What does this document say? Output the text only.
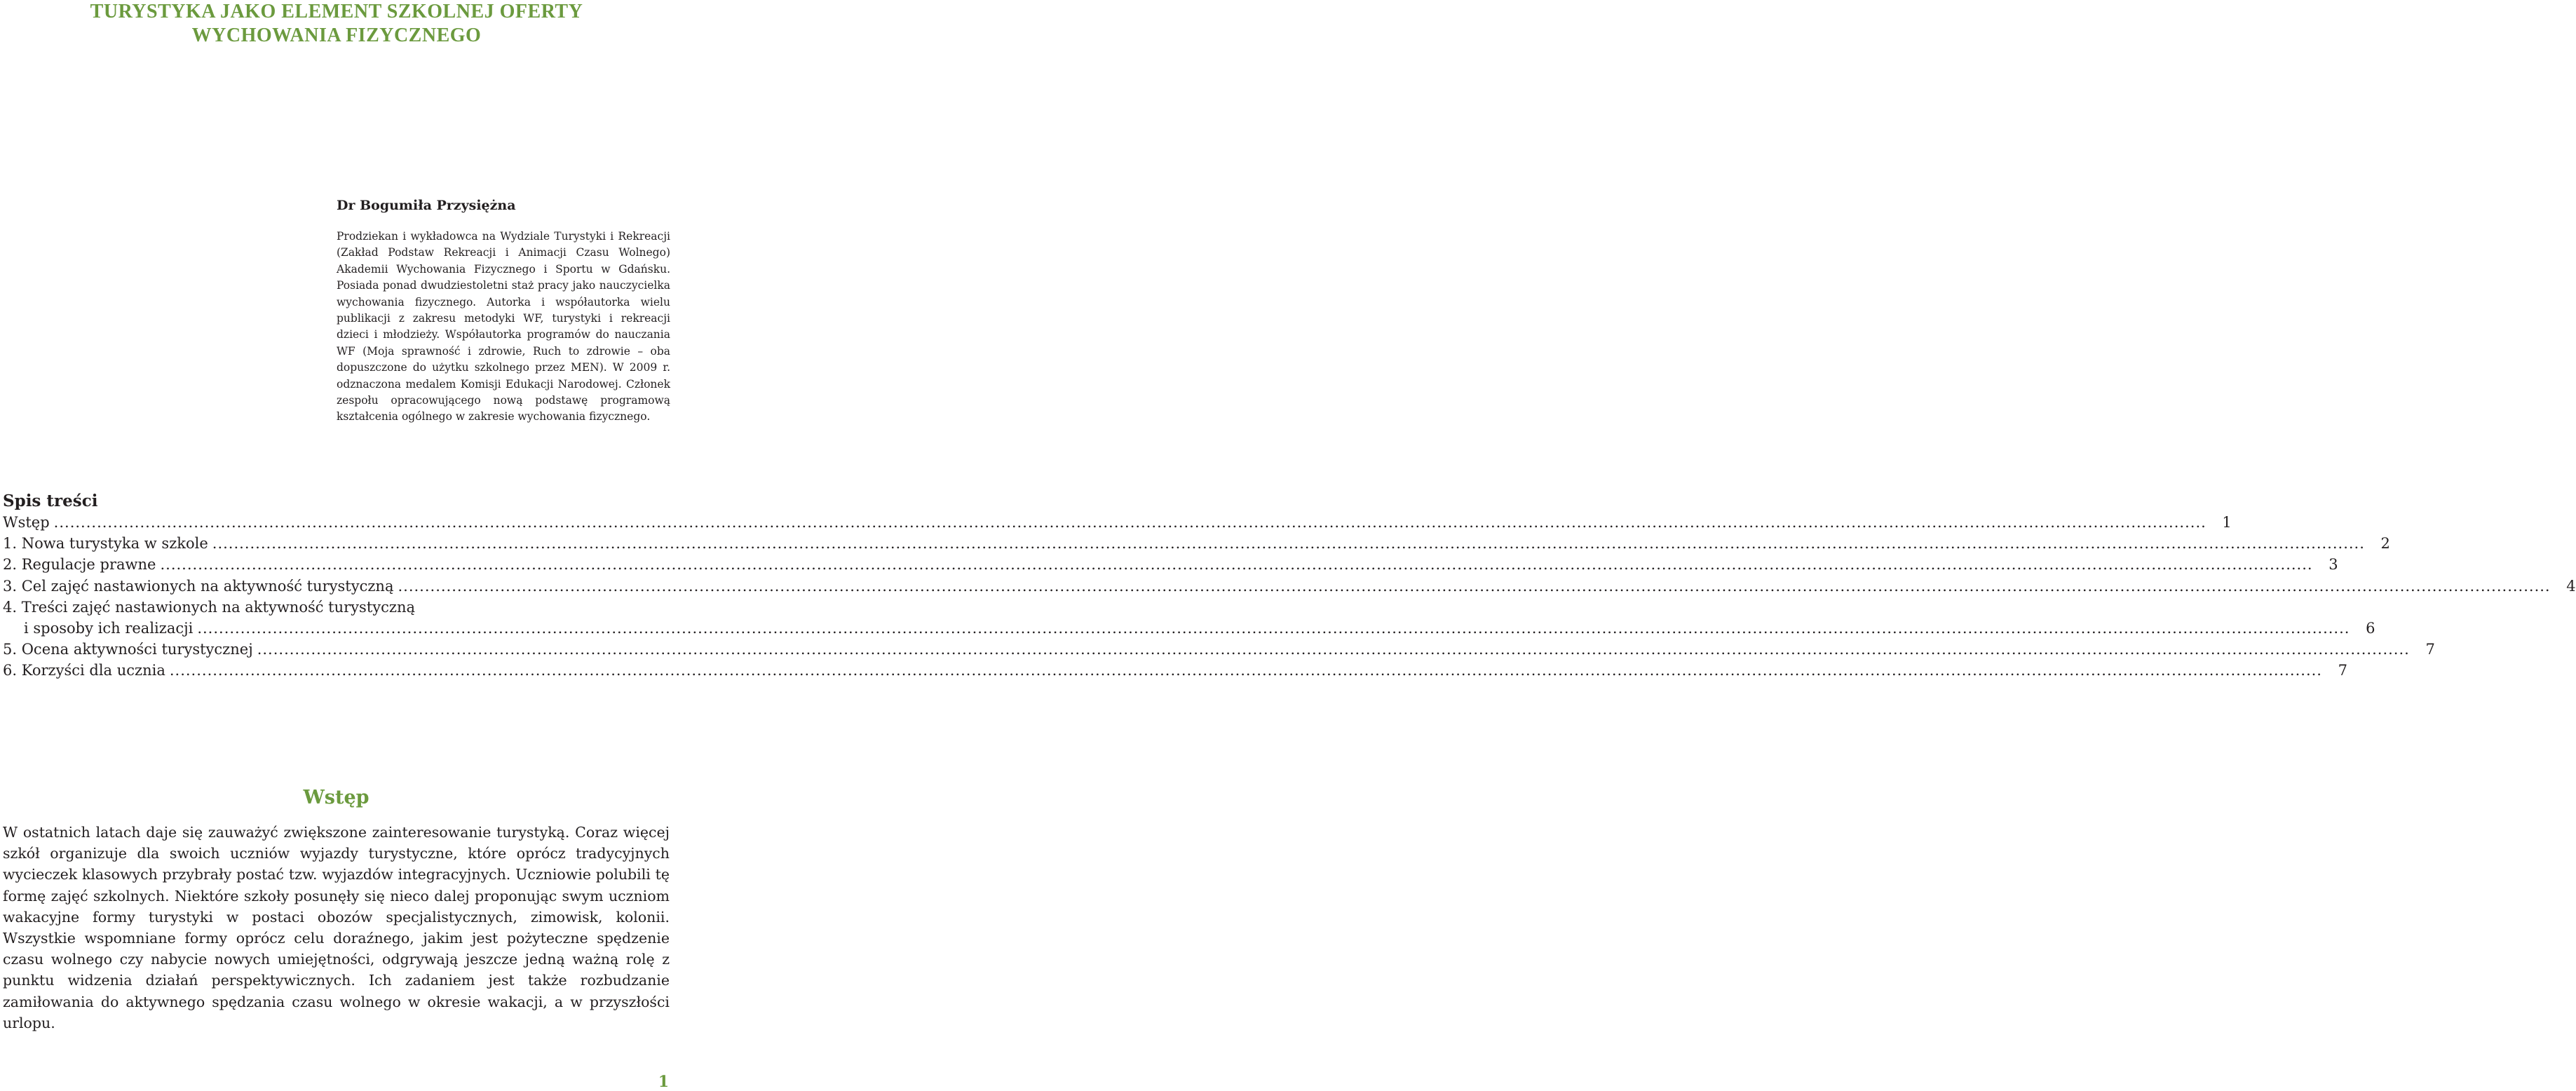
TURYSTYKA JAKO ELEMENT SZKOLNEJ OFERTY
WYCHOWANIA FIZYCZNEGO
Dr Bogumiła Przysiężna

Prodziekan i wykładowca na Wydziale Turystyki i Rekreacji (Zakład Podstaw Rekreacji i Animacji Czasu Wolnego) Akademii Wychowania Fizycznego i Sportu w Gdańsku. Posiada ponad dwudziestoletni staż pracy jako nauczycielka wychowania fizycznego. Autorka i współautorka wielu publikacji z zakresu metodyki WF, turystyki i rekreacji dzieci i młodzieży. Współautorka programów do nauczania WF (Moja sprawność i zdrowie, Ruch to zdrowie – oba dopuszczone do użytku szkolnego przez MEN). W 2009 r. odznaczona medalem Komisji Edukacji Narodowej. Członek zespołu opracowującego nową podstawę programową kształcenia ogólnego w zakresie wychowania fizycznego.

Spis treści
Wstęp ................................................................................................................................................................................................................................................................................................................................................................................................................	1
1. Nowa turystyka w szkole ................................................................................................................................................................................................................................................................................................................................................................................................................	2
2. Regulacje prawne ................................................................................................................................................................................................................................................................................................................................................................................................................	3
3. Cel zajęć nastawionych na aktywność turystyczną ................................................................................................................................................................................................................................................................................................................................................................................................................	4
4. Treści zajęć nastawionych na aktywność turystyczną
i sposoby ich realizacji ................................................................................................................................................................................................................................................................................................................................................................................................................	6
5. Ocena aktywności turystycznej ................................................................................................................................................................................................................................................................................................................................................................................................................	7
6. Korzyści dla ucznia ................................................................................................................................................................................................................................................................................................................................................................................................................	7
Wstęp

W ostatnich latach daje się zauważyć zwiększone zainteresowanie turystyką. Coraz więcej szkół organizuje dla swoich uczniów wyjazdy turystyczne, które oprócz tradycyjnych wycieczek klasowych przybrały postać tzw. wyjazdów integracyjnych. Uczniowie polubili tę formę zajęć szkolnych. Niektóre szkoły posunęły się nieco dalej proponując swym uczniom wakacyjne formy turystyki w postaci obozów specjalistycznych, zimowisk, kolonii. Wszystkie wspomniane formy oprócz celu doraźnego, jakim jest pożyteczne spędzenie czasu wolnego czy nabycie nowych umiejętności, odgrywają jeszcze jedną ważną rolę z punktu widzenia działań perspektywicznych. Ich zadaniem jest także rozbudzanie zamiłowania do aktywnego spędzania czasu wolnego w okresie wakacji, a w przyszłości urlopu.

1
